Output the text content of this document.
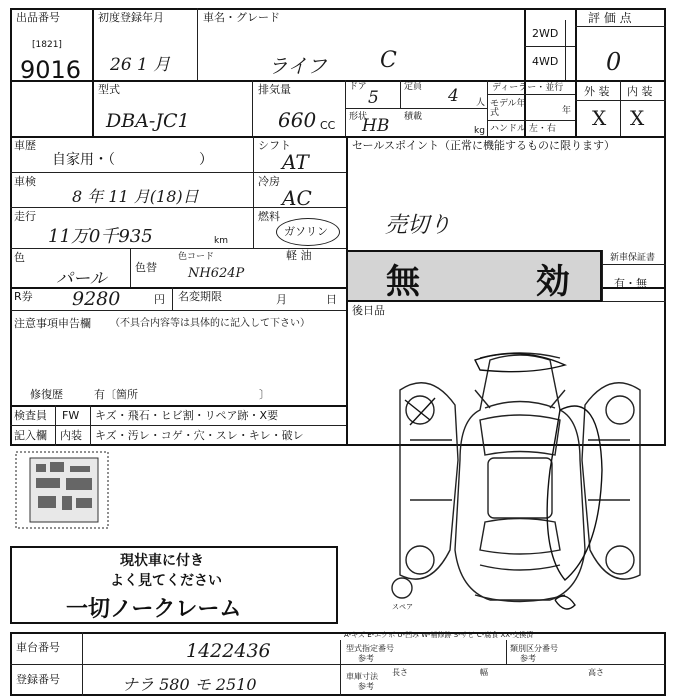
出品番号
[1821]
9016
初度登録年月
26 1 月
車名・グレード
ライフ C
2WD
4WD
評 価 点
0
型式
DBA-JC1
排気量
660 CC
ドア
5
定員 4 人
ディーラー・並行
モデル年式	年
ハンドル 左・右
形状
HB 積載
kg
外 装 内 装
X X
車歴
自家用・（　　　　　　）
シフト
AT
セールスポイント（正常に機能するものに限ります）
売切り
車検
8 年 11 月(18)日
冷房
AC
走行
11万0千935	km
燃料
ガソリン
軽 油
色
パール
色替
色コード
NH624P	無 効
新車保証書
有・無
R券 9280	円 名変期限	月	日
後日品
注意事項申告欄 （不具合内容等は具体的に記入して下さい）
修復歴	有〔箇所　　　　　　　　　　　〕
検査員
記入欄
FW キズ・飛石・ヒビ割・リペア跡・X要
内装 キズ・汚レ・コゲ・穴・スレ・キレ・破レ
現状車に付き
よく見てください
一切ノークレーム	スペア
A-キズ E-エクボ U-凹み W-補修跡 S-サビ C-腐食 XX-交換済
車台番号	1422436	型式指定番号
参考
類別区分番号
参考
登録番号	ナラ 580 モ 2510	車庫寸法
参考
長さ	幅	高さ
